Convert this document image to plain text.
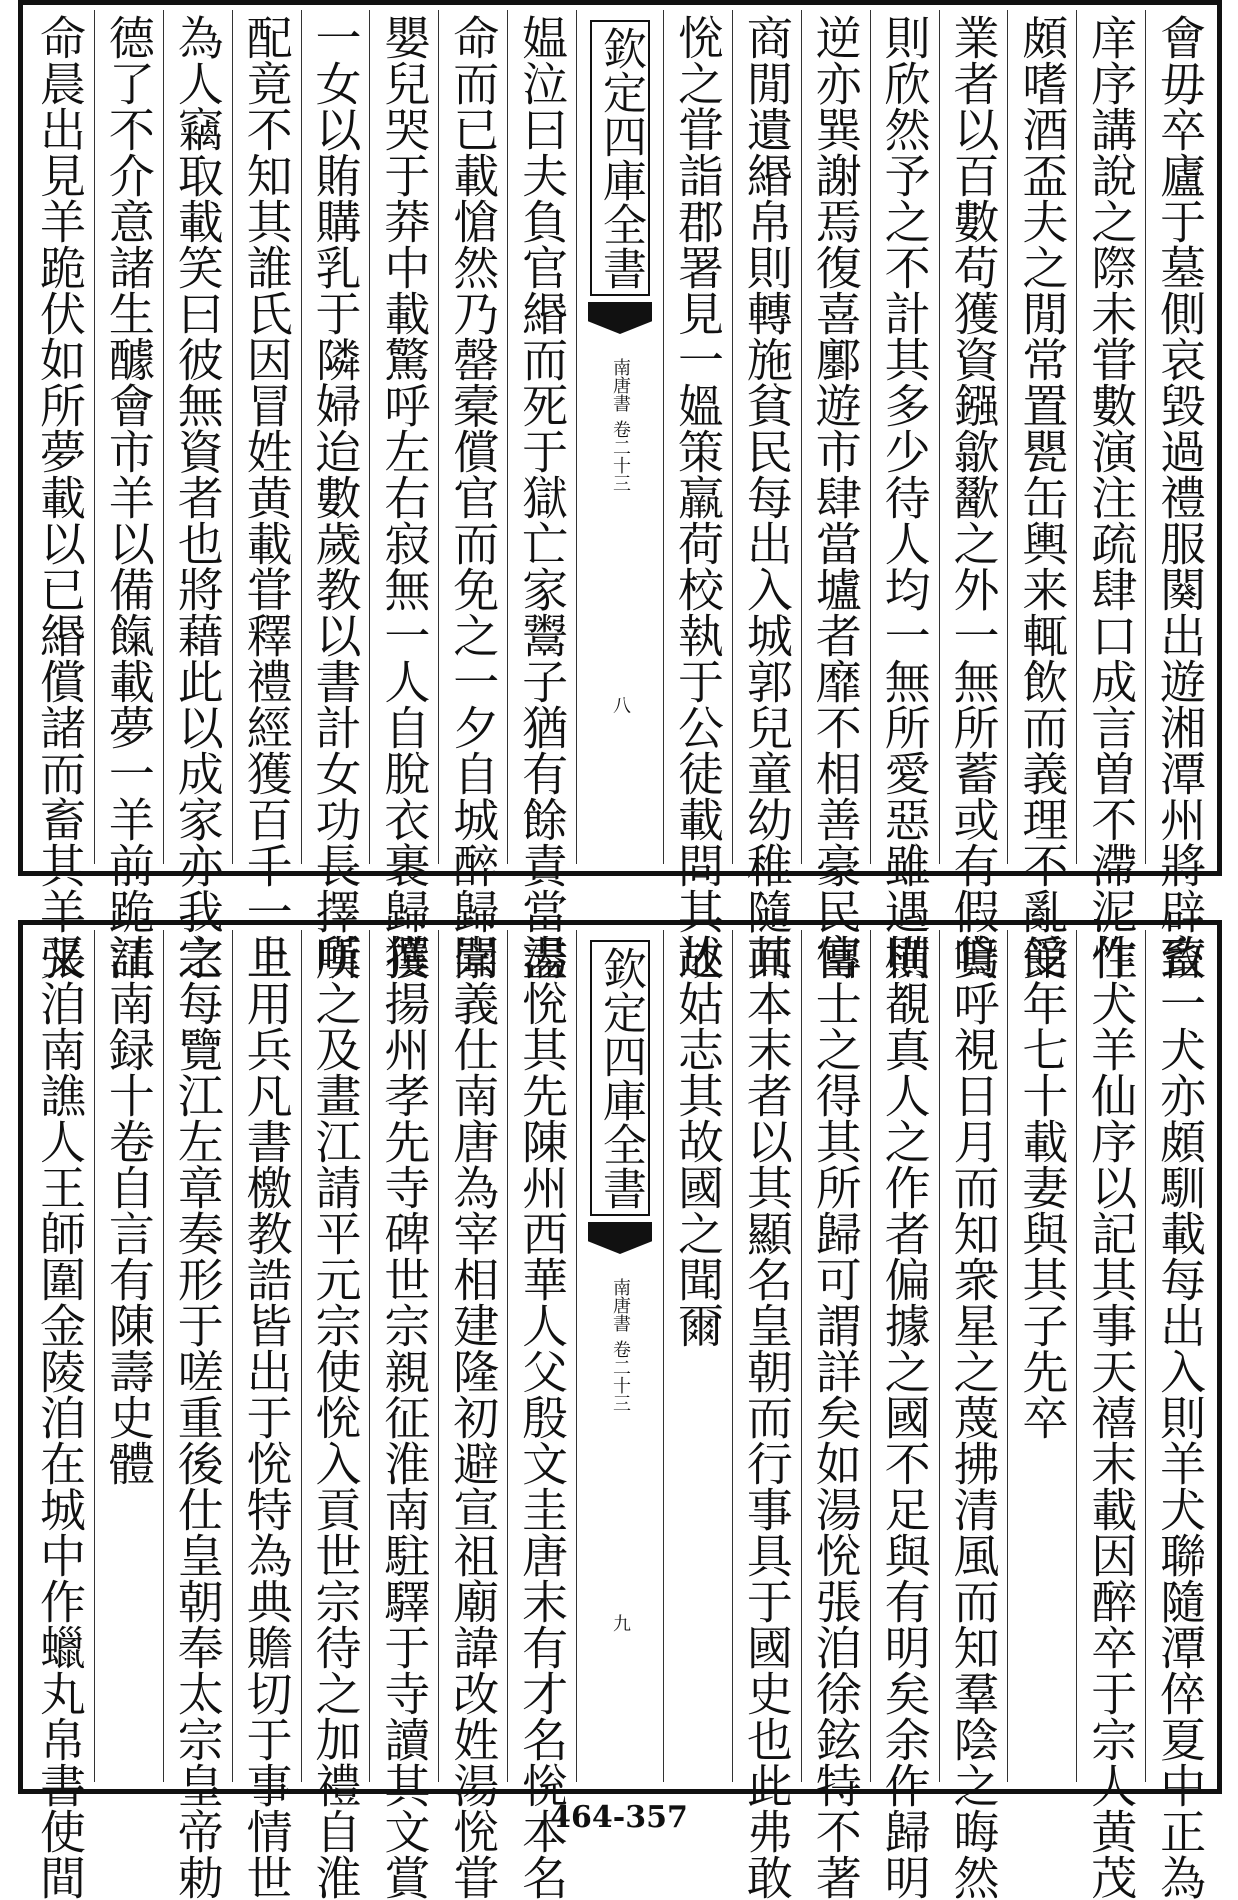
會毋卒廬于墓側哀毀過禮服闋出遊湘潭州將辟致
庠序講說之際未甞數演注疏肆口成言曽不滯泥性
頗嗜酒盃夫之閒常置甖缶輿来輒飲而義理不亂受
業者以百數苟獲資鏹歙歠之外一無所蓄或有假貸
則欣然予之不計其多少待人均一無所愛惡雖遇横
逆亦巽謝焉復喜鄽遊市肆當壚者靡不相善豪民富
商閒遺緡帛則轉施貧民每出入城郭兒童幼稚隨而
恱之甞詣郡署見一媼策羸荷校執于公徒載問其故
欽定四庫全書
南唐書
卷二十三
八
媪泣曰夫負官緡而死于獄亡家鬻子猶有餘責當盡
命而已載愴然乃罄槖償官而免之一夕自城醉歸聞
嬰兒哭于莽中載驚呼左右寂無一人自脫衣裹歸獲
一女以賄購乳于隣婦迨數歲教以書計女功長擇所
配竟不知其誰氏因冒姓黄載甞釋禮經獲百千一旦
為人竊取載笑曰彼無資者也將藉此以成家亦我之
德了不介意諸生醵會市羊以備餼載夢一羊前跪請
命晨出見羊跪伏如所夢載以已緡償諸而畜其羊又
畜一犬亦頗馴載每出入則羊犬聯隨潭倅夏中正為
作犬羊仙序以記其事天禧末載因醉卒于宗人黄茂
館年七十載妻與其子先卒
嗚呼視日月而知衆星之蔑拂清風而知羣陰之晦然
則覩真人之作者偏據之國不足與有明矣余作歸明
傳士之得其所歸可謂詳矣如湯恱張洎徐鉉特不著
其本末者以其顯名皇朝而行事具于國史也此弗敢
述姑志其故國之聞爾
欽定四庫全書
南唐書
卷二十三
九
湯恱其先陳州西華人父殷文圭唐末有才名恱本名
崇義仕南唐為宰相建隆初避宣祖廟諱改姓湯恱甞
撰揚州孝先寺碑世宗親征淮南駐驛于寺讀其文賞
嘆之及畫江請平元宗使恱入貢世宗待之加禮自淮
上用兵凡書檄教誥皆出于恱特為典贍切于事情世
宗每覽江左章奏形于嗟重後仕皇朝奉太宗皇帝勅
江南録十卷自言有陳壽史體
張洎南譙人王師圍金陵洎在城中作蠟丸帛書使間	464-357
